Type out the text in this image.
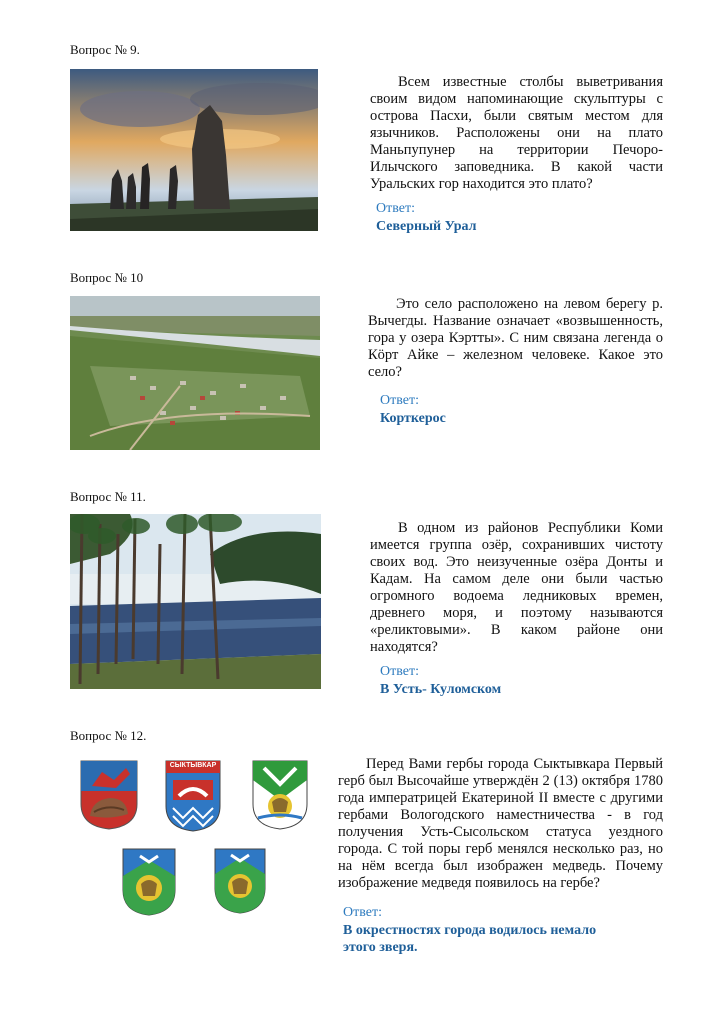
Вопрос № 9.

Всем известные столбы выветривания своим видом напоминающие скульптуры с острова Пасхи, были святым местом для язычников. Расположены они на плато Маньпупунер на территории Печоро-Илычского заповедника. В какой части Уральских гор находится это плато?

Ответ:
Северный Урал
Вопрос № 10

Это село расположено на левом берегу р. Вычегды. Название означает «возвышенность, гора у озера Кэртты». С ним связана легенда о Кӧрт Айке – железном человеке. Какое это село?

Ответ:
Корткерос
Вопрос № 11.

В одном из районов Республики Коми имеется группа озёр, сохранивших чистоту своих вод. Это неизученные озёра Донты и Кадам. На самом деле они были частью огромного водоема ледниковых времен, древнего моря, и поэтому называются «реликтовыми». В каком районе они находятся?

Ответ:
В Усть- Куломском
Вопрос № 12.
СЫКТЫВКАР	Перед Вами гербы города Сыктывкара Первый герб был Высочайше утверждён 2 (13) октября 1780 года императрицей Екатериной II вместе с другими гербами Вологодского наместничества - в год получения Усть-Сысольском статуса уездного города. С той поры герб менялся несколько раз, но на нём всегда был изображен медведь. Почему изображение медведя появилось на гербе?

Ответ:
В окрестностях города водилось немало этого зверя.
